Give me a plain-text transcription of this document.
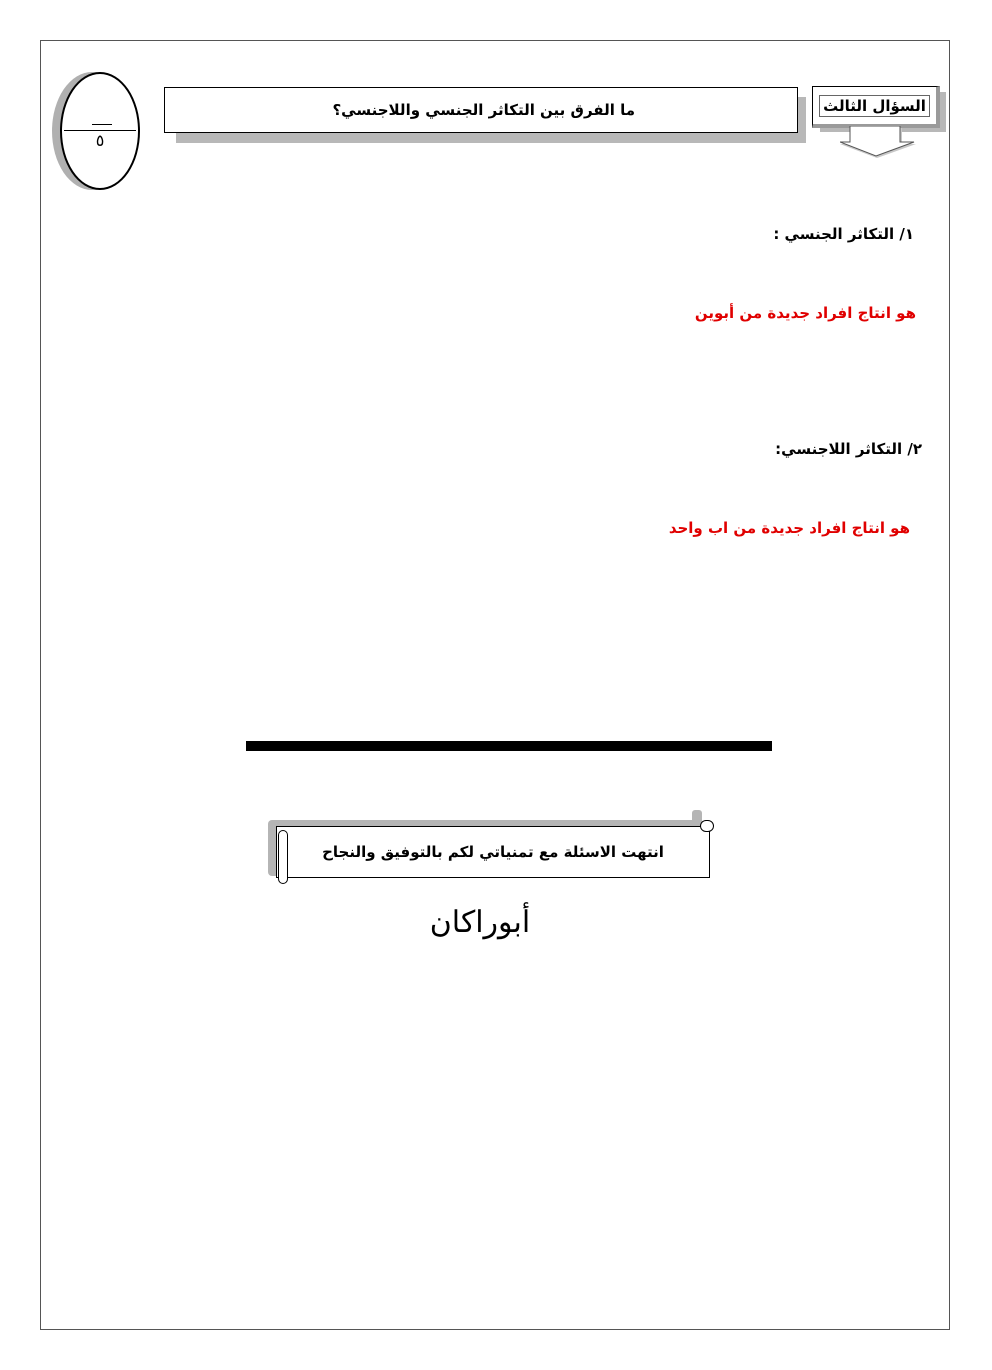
٥
ما الفرق بين التكاثر الجنسي واللاجنسي؟	السؤال الثالث
١/ التكاثر الجنسي :
هو انتاج افراد جديدة من أبوين
٢/ التكاثر اللاجنسي:
هو انتاج افراد جديدة من اب واحد
انتهت الاسئلة مع تمنياتي لكم بالتوفيق والنجاح
أبوراكان
